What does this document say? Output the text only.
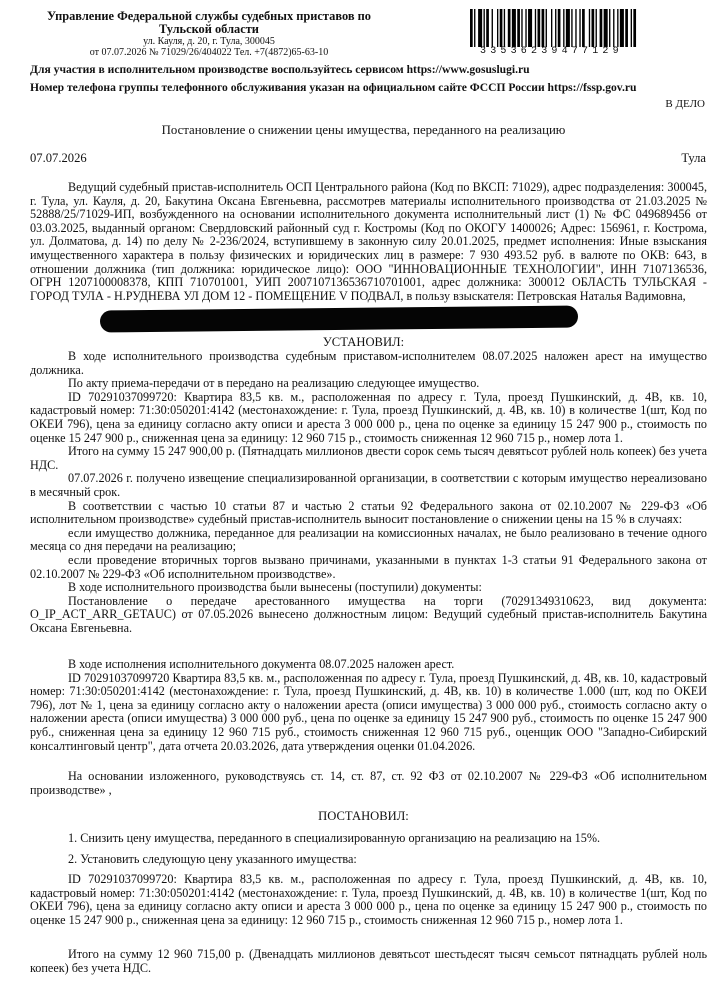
Управление Федеральной службы судебных приставов по Тульской области
ул. Кауля, д. 20, г. Тула, 300045
от 07.07.2026 № 71029/26/404022 Тел. +7(4872)65-63-10	33536239477129
Для участия в исполнительном производстве воспользуйтесь сервисом https://www.gosuslugi.ru
Номер телефона группы телефонного обслуживания указан на официальном сайте ФССП России https://fssp.gov.ru
В ДЕЛО
Постановление о снижении цены имущества, переданного на реализацию
07.07.2026	Тула

Ведущий судебный пристав-исполнитель ОСП Центрального района (Код по ВКСП: 71029), адрес подразделения: 300045, г. Тула, ул. Кауля, д. 20, Бакутина Оксана Евгеньевна, рассмотрев материалы исполнительного производства от 21.03.2025 № 52888/25/71029-ИП, возбужденного на основании исполнительного документа исполнительный лист (1) № ФС 049689456 от 03.03.2025, выданный органом: Свердловский районный суд г. Костромы (Код по ОКОГУ 1400026; Адрес: 156961, г. Кострома, ул. Долматова, д. 14) по делу № 2-236/2024, вступившему в законную силу 20.01.2025, предмет исполнения: Иные взыскания имущественного характера в пользу физических и юридических лиц в размере: 7 930 493.52 руб. в валюте по ОКВ: 643, в отношении должника (тип должника: юридическое лицо): ООО "ИННОВАЦИОННЫЕ ТЕХНОЛОГИИ", ИНН 7107136536, ОГРН 1207100008378, КПП 710701001, УИП 2007107136536710701001, адрес должника: 300012 ОБЛАСТЬ ТУЛЬСКАЯ - ГОРОД ТУЛА - Н.РУДНЕВА УЛ ДОМ 12 - ПОМЕЩЕНИЕ V ПОДВАЛ, в пользу взыскателя: Петровская Наталья Вадимовна,

УСТАНОВИЛ:

В ходе исполнительного производства судебным приставом-исполнителем 08.07.2025 наложен арест на имущество должника.

По акту приема-передачи от в передано на реализацию следующее имущество.

ID 70291037099720: Квартира 83,5 кв. м., расположенная по адресу г. Тула, проезд Пушкинский, д. 4В, кв. 10, кадастровый номер: 71:30:050201:4142 (местонахождение: г. Тула, проезд Пушкинский, д. 4В, кв. 10) в количестве 1(шт, Код по ОКЕИ 796), цена за единицу согласно акту описи и ареста 3 000 000 р., цена по оценке за единицу 15 247 900 р., стоимость по оценке 15 247 900 р., сниженная цена за единицу: 12 960 715 р., стоимость сниженная 12 960 715 р., номер лота 1.

Итого на сумму 15 247 900,00 р. (Пятнадцать миллионов двести сорок семь тысяч девятьсот рублей ноль копеек) без учета НДС.

07.07.2026 г. получено извещение специализированной организации, в соответствии с которым имущество нереализовано в месячный срок.

В соответствии с частью 10 статьи 87 и частью 2 статьи 92 Федерального закона от 02.10.2007 № 229-ФЗ «Об исполнительном производстве» судебный пристав-исполнитель выносит постановление о снижении цены на 15 % в случаях:

если имущество должника, переданное для реализации на комиссионных началах, не было реализовано в течение одного месяца со дня передачи на реализацию;

если проведение вторичных торгов вызвано причинами, указанными в пунктах 1-3 статьи 91 Федерального закона от 02.10.2007 № 229-ФЗ «Об исполнительном производстве».

В ходе исполнительного производства были вынесены (поступили) документы:

Постановление о передаче арестованного имущества на торги (70291349310623, вид документа: O_IP_ACT_ARR_GETAUC) от 07.05.2026 вынесено должностным лицом: Ведущий судебный пристав-исполнитель Бакутина Оксана Евгеньевна.

В ходе исполнения исполнительного документа 08.07.2025 наложен арест.

ID 70291037099720 Квартира 83,5 кв. м., расположенная по адресу г. Тула, проезд Пушкинский, д. 4В, кв. 10, кадастровый номер: 71:30:050201:4142 (местонахождение: г. Тула, проезд Пушкинский, д. 4В, кв. 10) в количестве 1.000 (шт, код по ОКЕИ 796), лот № 1, цена за единицу согласно акту о наложении ареста (описи имущества) 3 000 000 руб., стоимость согласно акту о наложении ареста (описи имущества) 3 000 000 руб., цена по оценке за единицу 15 247 900 руб., стоимость по оценке 15 247 900 руб., сниженная цена за единицу 12 960 715 руб., стоимость сниженная 12 960 715 руб., оценщик ООО "Западно-Сибирский консалтинговый центр", дата отчета 20.03.2026, дата утверждения оценки 01.04.2026.

На основании изложенного, руководствуясь ст. 14, ст. 87, ст. 92 ФЗ от 02.10.2007 № 229-ФЗ «Об исполнительном производстве» ,

ПОСТАНОВИЛ:

1. Снизить цену имущества, переданного в специализированную организацию на реализацию на 15%.

2. Установить следующую цену указанного имущества:

ID 70291037099720: Квартира 83,5 кв. м., расположенная по адресу г. Тула, проезд Пушкинский, д. 4В, кв. 10, кадастровый номер: 71:30:050201:4142 (местонахождение: г. Тула, проезд Пушкинский, д. 4В, кв. 10) в количестве 1(шт, Код по ОКЕИ 796), цена за единицу согласно акту описи и ареста 3 000 000 р., цена по оценке за единицу 15 247 900 р., стоимость по оценке 15 247 900 р., сниженная цена за единицу: 12 960 715 р., стоимость сниженная 12 960 715 р., номер лота 1.

Итого на сумму 12 960 715,00 р. (Двенадцать миллионов девятьсот шестьдесят тысяч семьсот пятнадцать рублей ноль копеек) без учета НДС.
